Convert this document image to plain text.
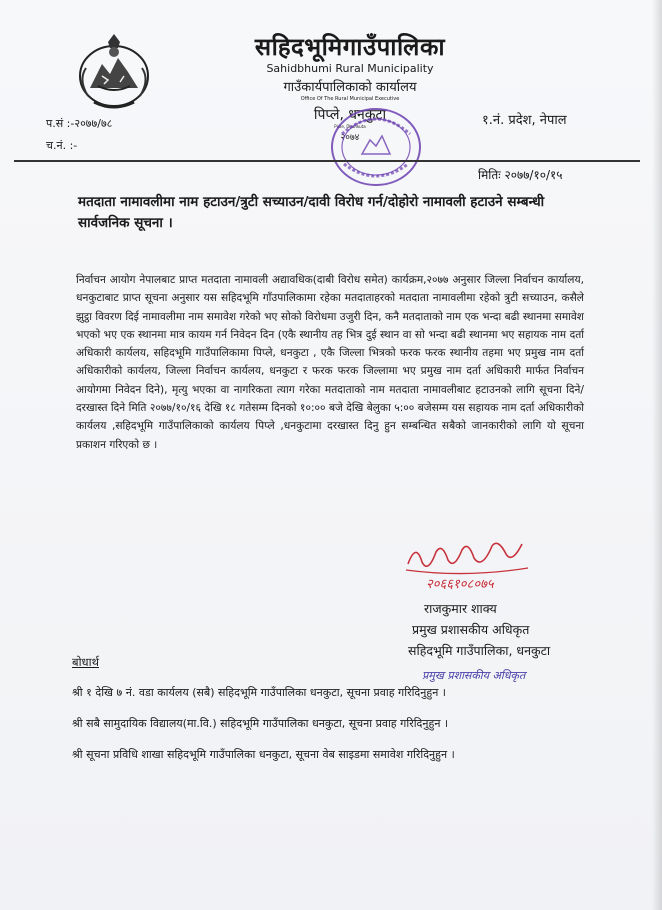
सहिदभूमिगाउँपालिका
Sahidbhumi Rural Municipality
गाउँकार्यपालिकाको कार्यालय
Office Of The Rural Municipal Executive
पिप्ले, धनकुटा
Piple, Dhankuta
२०७४
प.सं :-२०७७/७८
च.नं. :-
१.नं. प्रदेश, नेपाल
मितिः २०७७/१०/१५
मतदाता नामावलीमा नाम हटाउन/त्रुटी सच्याउन/दावी विरोध गर्न/दोहोरो नामावली हटाउने सम्बन्धी सार्वजनिक सूचना ।
निर्वाचन आयोग नेपालबाट प्राप्त मतदाता नामावली अद्यावधिक(दाबी विरोध समेत) कार्यक्रम,२०७७ अनुसार जिल्ला निर्वाचन कार्यालय, धनकुटाबाट प्राप्त सूचना अनुसार यस सहिदभूमि गाँउपालिकामा रहेका मतदाताहरको मतदाता नामावलीमा रहेको त्रुटी सच्याउन, कसैले झुट्ठा विवरण दिई नामावलीमा नाम समावेश गरेको भए सोको विरोधमा उजुरी दिन, कनै मतदाताको नाम एक भन्दा बढी स्थानमा समावेश भएको भए एक स्थानमा मात्र कायम गर्न निवेदन दिन (एकै स्थानीय तह भित्र दुई स्थान वा सो भन्दा बढी स्थानमा भए सहायक नाम दर्ता अधिकारी कार्यलय, सहिदभूमि गाउँपालिकामा पिप्ले, धनकुटा , एकै जिल्ला भित्रको फरक फरक स्थानीय तहमा भए प्रमुख नाम दर्ता अधिकारीको कार्यलय, जिल्ला निर्वाचन कार्यलय, धनकुटा र फरक फरक जिल्लामा भए प्रमुख नाम दर्ता अधिकारी मार्फत निर्वाचन आयोगमा निवेदन दिने), मृत्यु भएका वा नागरिकता त्याग गरेका मतदाताको नाम मतदाता नामावलीबाट हटाउनको लागि सूचना दिने/दरखास्त दिने मिति २०७७/१०/१६ देखि १८ गतेसम्म दिनको १०:०० बजे देखि बेलुका ५:०० बजेसम्म यस सहायक नाम दर्ता अधिकारीको कार्यलय ,सहिदभूमि गाउँपालिकाको कार्यलय पिप्ले ,धनकुटामा दरखास्त दिनु हुन सम्बन्धित सबैको जानकारीको लागि यो सूचना प्रकाशन गरिएको छ ।
२०६६१०८०७५
राजकुमार शाक्य
प्रमुख प्रशासकीय अधिकृत
सहिदभूमि गाउँपालिका, धनकुटा
प्रमुख प्रशासकीय अधिकृत
बोधार्थ
श्री १ देखि ७ नं. वडा कार्यलय (सबै) सहिदभूमि गाउँपालिका धनकुटा, सूचना प्रवाह गरिदिनुहुन ।
श्री सबै सामुदायिक विद्यालय(मा.वि.) सहिदभूमि गाउँपालिका धनकुटा, सूचना प्रवाह गरिदिनुहुन ।
श्री सूचना प्रविधि शाखा सहिदभूमि गाउँपालिका धनकुटा, सूचना वेब साइडमा समावेश गरिदिनुहुन ।
